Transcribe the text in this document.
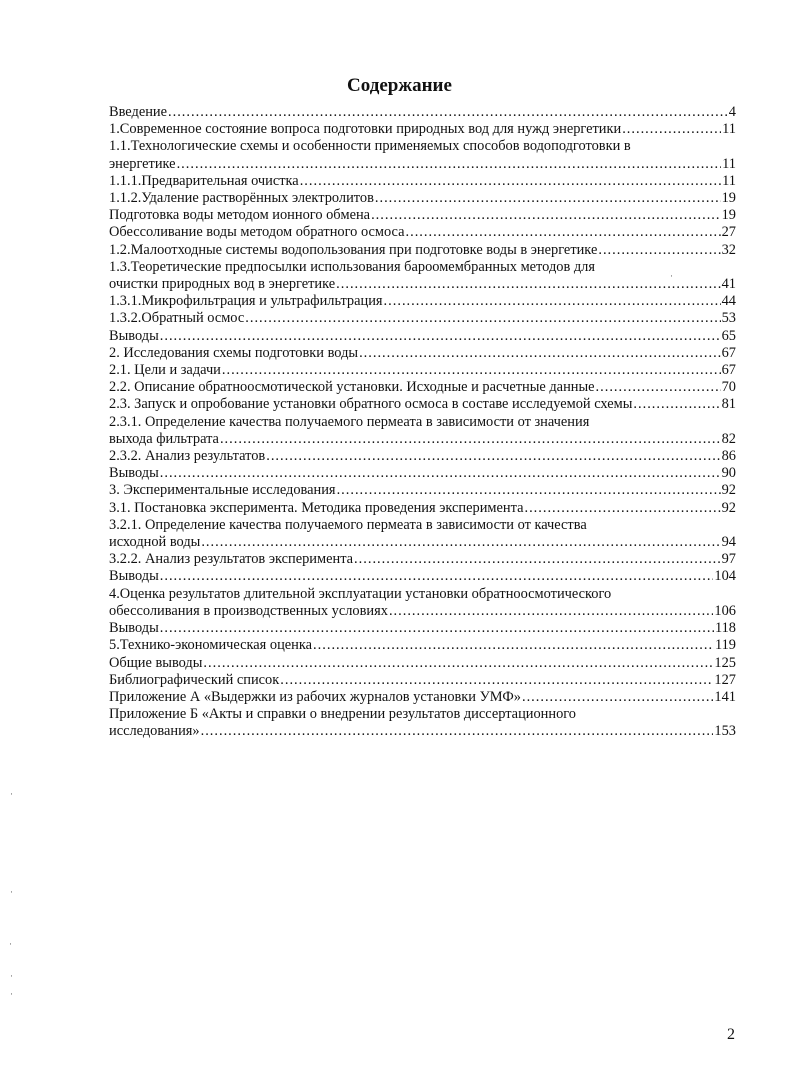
Содержание
Введение .....	4
1.Современное состояние вопроса подготовки природных вод для нужд энергетики .....	11
1.1.Технологические схемы и особенности применяемых способов водоподготовки в
энергетике .....	11
1.1.1.Предварительная очистка .....	11
1.1.2.Удаление растворённых электролитов .....	19
Подготовка воды методом ионного обмена .....	19
Обессоливание воды методом обратного осмоса .....	27
1.2.Малоотходные системы водопользования при подготовке воды в энергетике .....	32
1.3.Теоретические предпосылки использования бароомембранных методов для
очистки природных вод в энергетике .....	41
1.3.1.Микрофильтрация и ультрафильтрация .....	44
1.3.2.Обратный осмос .....	53
Выводы .....	65
2. Исследования схемы подготовки воды .....	67
2.1. Цели и задачи .....	67
2.2. Описание обратноосмотической установки. Исходные и расчетные данные .....	70
2.3. Запуск и опробование установки обратного осмоса в составе исследуемой схемы .....	81
2.3.1. Определение качества получаемого пермеата в зависимости от значения
выхода фильтрата .....	82
2.3.2. Анализ результатов .....	86
Выводы .....	90
3. Экспериментальные исследования .....	92
3.1. Постановка эксперимента. Методика проведения эксперимента .....	92
3.2.1. Определение качества получаемого пермеата в зависимости от качества
исходной воды .....	94
3.2.2. Анализ результатов эксперимента .....	97
Выводы .....	104
4.Оценка результатов длительной эксплуатации установки обратноосмотического
обессоливания в производственных условиях .....	106
Выводы .....	118
5.Технико-экономическая оценка .....	119
Общие выводы .....	125
Библиографический список .....	127
Приложение А «Выдержки из рабочих журналов установки УМФ» .....	141
Приложение Б «Акты и справки о внедрении результатов диссертационного
исследования» .....	153
2
·
·
·
·
·
·
